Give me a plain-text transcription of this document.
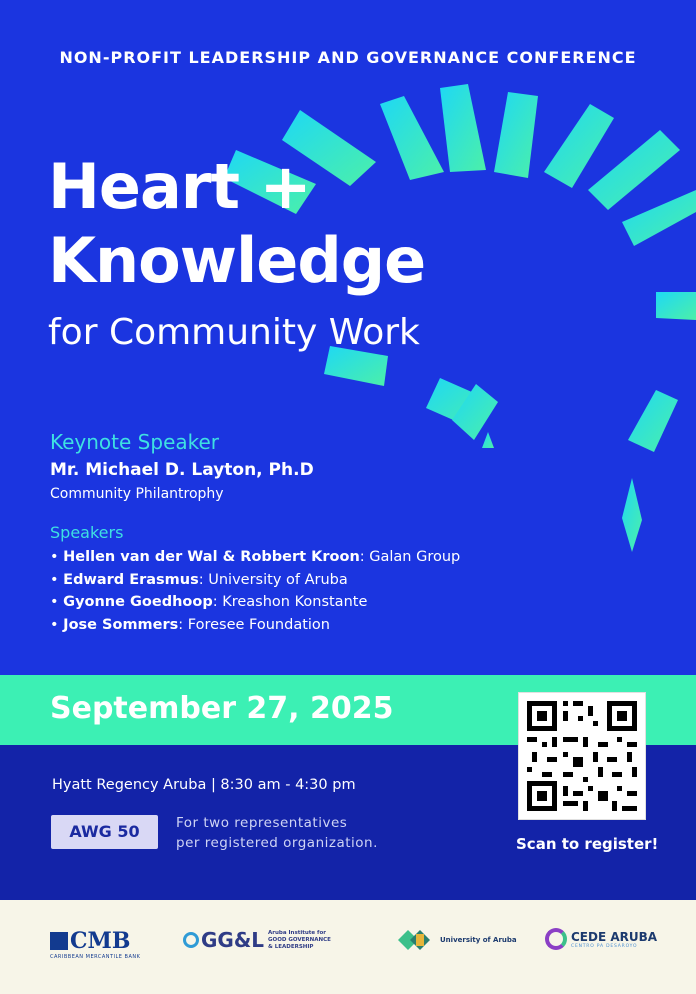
NON-PROFIT LEADERSHIP AND GOVERNANCE CONFERENCE
Heart +
Knowledge
for Community Work
Keynote Speaker
Mr. Michael D. Layton, Ph.D
Community Philantrophy
Speakers
• Hellen van der Wal & Robbert Kroon: Galan Group
• Edward Erasmus: University of Aruba
• Gyonne Goedhoop: Kreashon Konstante
• Jose Sommers: Foresee Foundation
September 27, 2025
Hyatt Regency Aruba | 8:30 am - 4:30 pm
AWG 50	For two representatives
per registered organization.	Scan to register!
CMB
CARIBBEAN MERCANTILE BANK
GG&L Aruba Institute for
GOOD GOVERNANCE
& LEADERSHIP
University of Aruba	CEDE ARUBA
CENTRO PA DESAROYO
